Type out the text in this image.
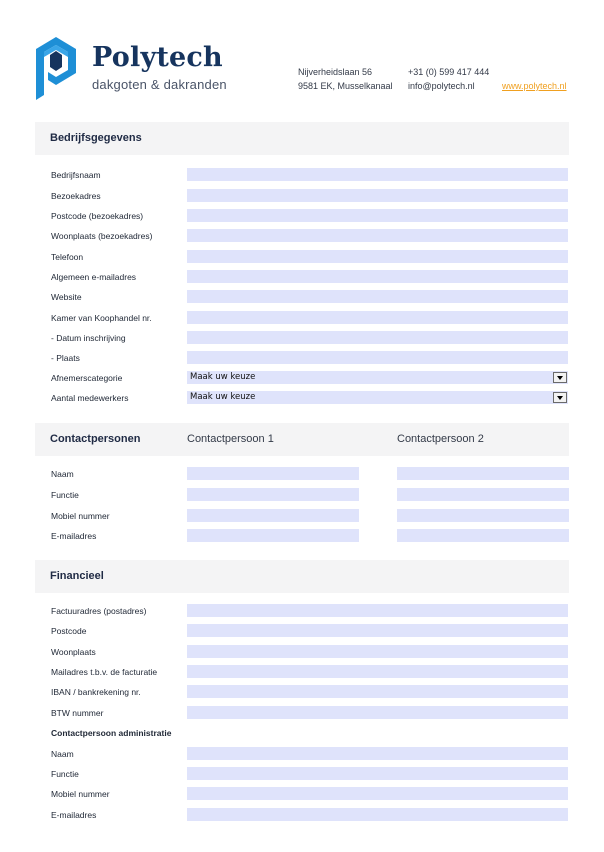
Polytech
dakgoten & dakranden
Nijverheidslaan 56
9581 EK, Musselkanaal
+31 (0) 599 417 444
info@polytech.nl	www.polytech.nl
Bedrijfsgegevens
Bedrijfsnaam
Bezoekadres
Postcode (bezoekadres)
Woonplaats (bezoekadres)
Telefoon
Algemeen e-mailadres
Website
Kamer van Koophandel nr.
- Datum inschrijving
- Plaats
Afnemerscategorie	Maak uw keuze
Aantal medewerkers	Maak uw keuze
Contactpersonen	Contactpersoon 1	Contactpersoon 2
Naam
Functie
Mobiel nummer
E-mailadres
Financieel
Factuuradres (postadres)
Postcode
Woonplaats
Mailadres t.b.v. de facturatie
IBAN / bankrekening nr.
BTW nummer
Contactpersoon administratie
Naam
Functie
Mobiel nummer
E-mailadres
